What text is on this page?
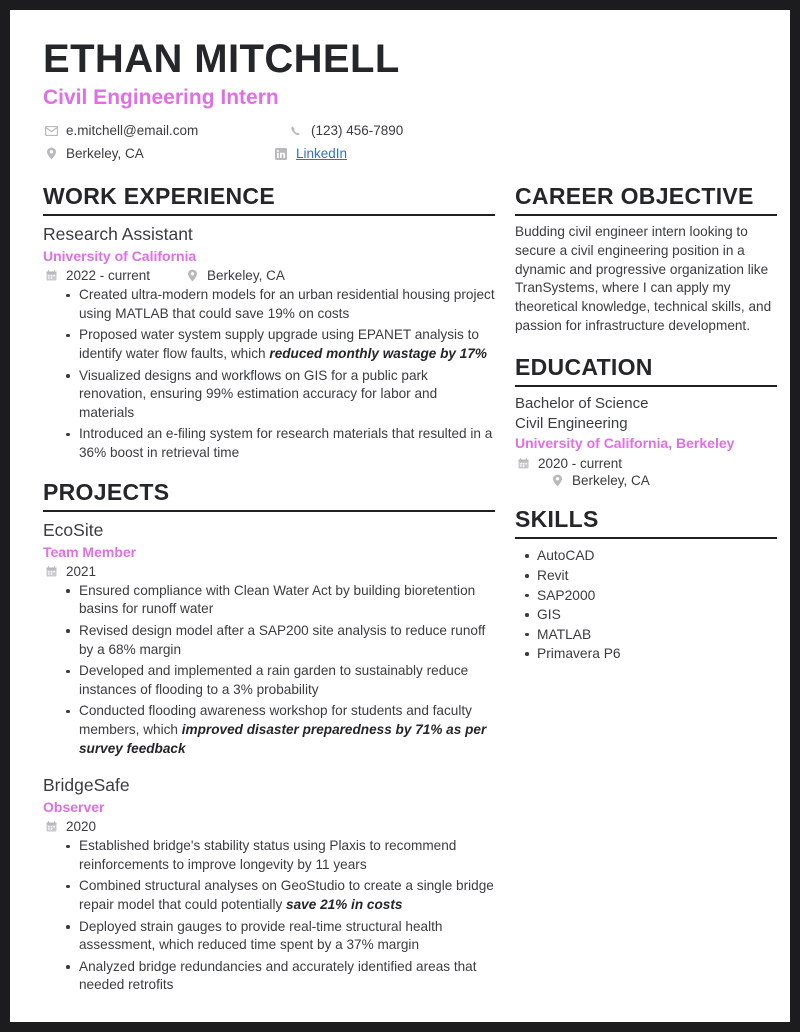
ETHAN MITCHELL
Civil Engineering Intern
e.mitchell@email.com	(123) 456-7890
Berkeley, CA	LinkedIn
WORK EXPERIENCE
Research Assistant
University of California
2022 - current	Berkeley, CA
Created ultra-modern models for an urban residential housing project using MATLAB that could save 19% on costs
Proposed water system supply upgrade using EPANET analysis to identify water flow faults, which reduced monthly wastage by 17%
Visualized designs and workflows on GIS for a public park renovation, ensuring 99% estimation accuracy for labor and materials
Introduced an e-filing system for research materials that resulted in a 36% boost in retrieval time
PROJECTS
EcoSite
Team Member
2021
Ensured compliance with Clean Water Act by building bioretention basins for runoff water
Revised design model after a SAP200 site analysis to reduce runoff by a 68% margin
Developed and implemented a rain garden to sustainably reduce instances of flooding to a 3% probability
Conducted flooding awareness workshop for students and faculty members, which improved disaster preparedness by 71% as per survey feedback
BridgeSafe
Observer
2020
Established bridge's stability status using Plaxis to recommend reinforcements to improve longevity by 11 years
Combined structural analyses on GeoStudio to create a single bridge repair model that could potentially save 21% in costs
Deployed strain gauges to provide real-time structural health assessment, which reduced time spent by a 37% margin
Analyzed bridge redundancies and accurately identified areas that needed retrofits
CAREER OBJECTIVE

Budding civil engineer intern looking to secure a civil engineering position in a dynamic and progressive organization like TranSystems, where I can apply my theoretical knowledge, technical skills, and passion for infrastructure development.

EDUCATION
Bachelor of Science
Civil Engineering
University of California, Berkeley
2020 - current
Berkeley, CA
SKILLS
AutoCAD
Revit
SAP2000
GIS
MATLAB
Primavera P6
